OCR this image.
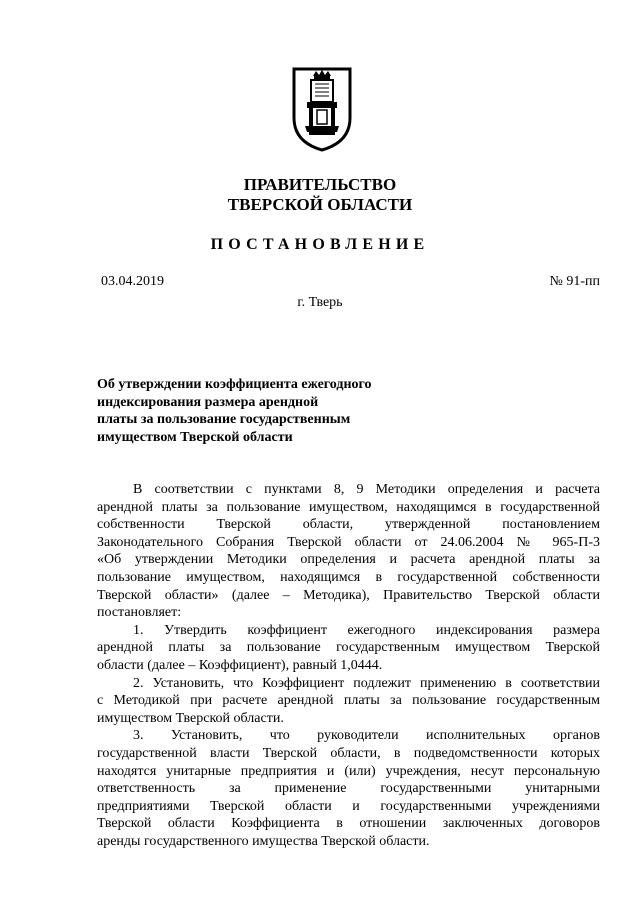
ПРАВИТЕЛЬСТВО
ТВЕРСКОЙ ОБЛАСТИ
ПОСТАНОВЛЕНИЕ
03.04.2019	№ 91-пп
г. Тверь
Об утверждении коэффициента ежегодного
индексирования размера арендной
платы за пользование государственным
имуществом Тверской области
В соответствии с пунктами 8, 9 Методики определения и расчета
арендной платы за пользование имуществом, находящимся в государственной
собственности Тверской области, утвержденной постановлением
Законодательного Собрания Тверской области от 24.06.2004 № 965-П-3
«Об утверждении Методики определения и расчета арендной платы за
пользование имуществом, находящимся в государственной собственности
Тверской области» (далее – Методика), Правительство Тверской области
постановляет:
1. Утвердить коэффициент ежегодного индексирования размера
арендной платы за пользование государственным имуществом Тверской
области (далее – Коэффициент), равный 1,0444.
2. Установить, что Коэффициент подлежит применению в соответствии
с Методикой при расчете арендной платы за пользование государственным
имуществом Тверской области.
3. Установить, что руководители исполнительных органов
государственной власти Тверской области, в подведомственности которых
находятся унитарные предприятия и (или) учреждения, несут персональную
ответственность за применение государственными унитарными
предприятиями Тверской области и государственными учреждениями
Тверской области Коэффициента в отношении заключенных договоров
аренды государственного имущества Тверской области.
